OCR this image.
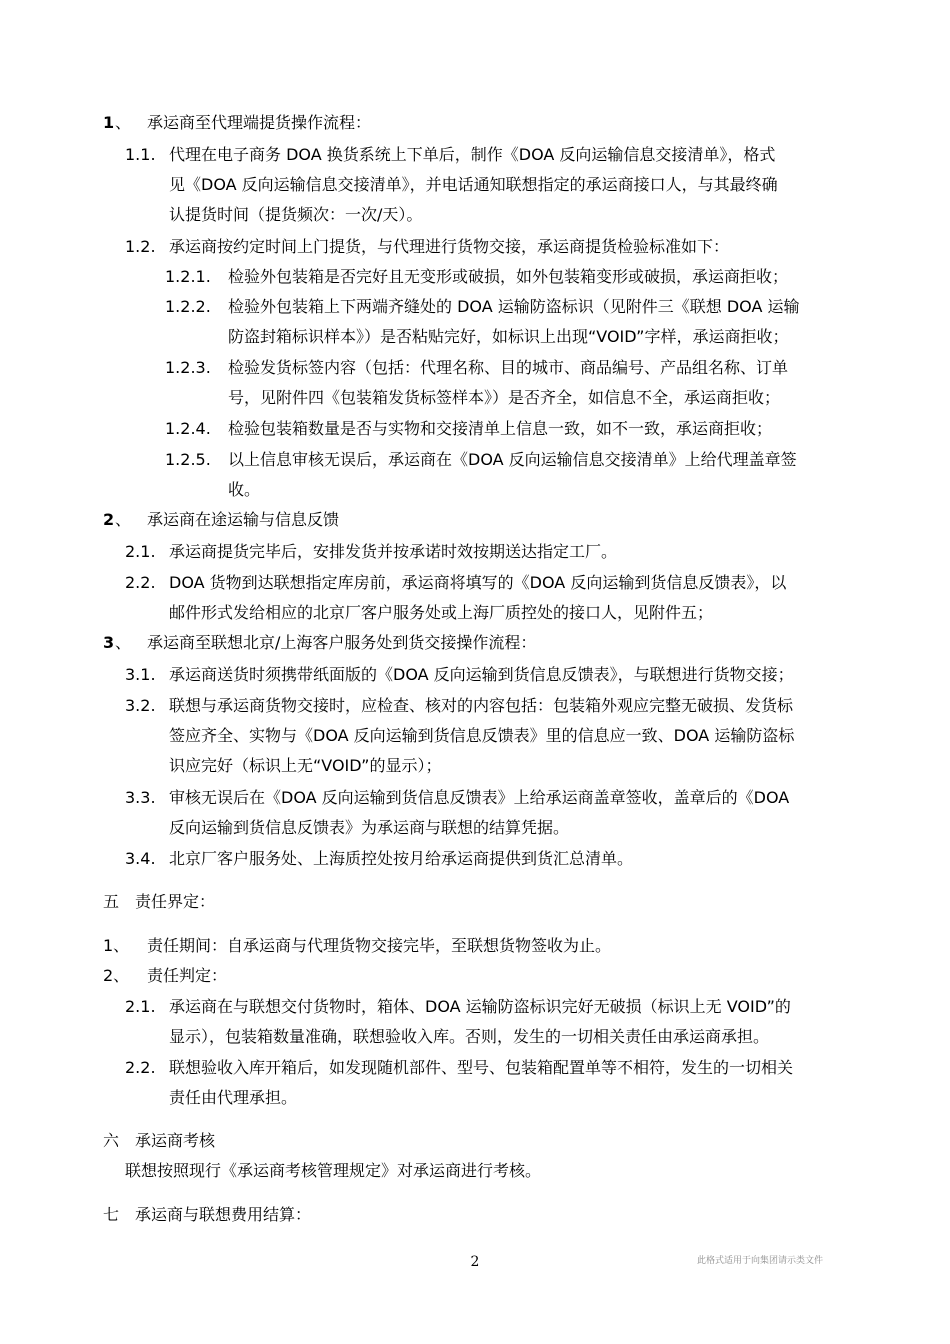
1 、 承运商至代理端提货操作流程：
1.1. 代理在电子商务 DOA 换货系统上下单后，制作《DOA 反向运输信息交接清单》，格式
见《DOA 反向运输信息交接清单》，并电话通知联想指定的承运商接口人，与其最终确
认提货时间（提货频次：一次/天）。
1.2. 承运商按约定时间上门提货，与代理进行货物交接，承运商提货检验标准如下：
1.2.1. 检验外包装箱是否完好且无变形或破损，如外包装箱变形或破损，承运商拒收；
1.2.2. 检验外包装箱上下两端齐缝处的 DOA 运输防盗标识（见附件三《联想 DOA 运输
防盗封箱标识样本》）是否粘贴完好，如标识上出现“VOID”字样，承运商拒收；
1.2.3. 检验发货标签内容（包括：代理名称、目的城市、商品编号、产品组名称、订单
号，见附件四《包装箱发货标签样本》）是否齐全，如信息不全，承运商拒收；
1.2.4. 检验包装箱数量是否与实物和交接清单上信息一致，如不一致，承运商拒收；
1.2.5. 以上信息审核无误后，承运商在《DOA 反向运输信息交接清单》上给代理盖章签
收。
2 、 承运商在途运输与信息反馈
2.1. 承运商提货完毕后，安排发货并按承诺时效按期送达指定工厂。
2.2. DOA 货物到达联想指定库房前，承运商将填写的《DOA 反向运输到货信息反馈表》，以
邮件形式发给相应的北京厂客户服务处或上海厂质控处的接口人，见附件五；
3 、 承运商至联想北京/上海客户服务处到货交接操作流程：
3.1. 承运商送货时须携带纸面版的《DOA 反向运输到货信息反馈表》，与联想进行货物交接；
3.2. 联想与承运商货物交接时，应检查、核对的内容包括：包装箱外观应完整无破损、发货标
签应齐全、实物与《DOA 反向运输到货信息反馈表》里的信息应一致、DOA 运输防盗标
识应完好（标识上无“VOID”的显示）；
3.3. 审核无误后在《DOA 反向运输到货信息反馈表》上给承运商盖章签收，盖章后的《DOA
反向运输到货信息反馈表》为承运商与联想的结算凭据。
3.4. 北京厂客户服务处、上海质控处按月给承运商提供到货汇总清单。
五 责任界定：
1、 责任期间：自承运商与代理货物交接完毕，至联想货物签收为止。
2、 责任判定：
2.1. 承运商在与联想交付货物时，箱体、DOA 运输防盗标识完好无破损（标识上无 VOID”的
显示），包装箱数量准确，联想验收入库。否则，发生的一切相关责任由承运商承担。
2.2. 联想验收入库开箱后，如发现随机部件、型号、包装箱配置单等不相符，发生的一切相关
责任由代理承担。
六 承运商考核
联想按照现行《承运商考核管理规定》对承运商进行考核。
七 承运商与联想费用结算：
2	此格式适用于向集团请示类文件
